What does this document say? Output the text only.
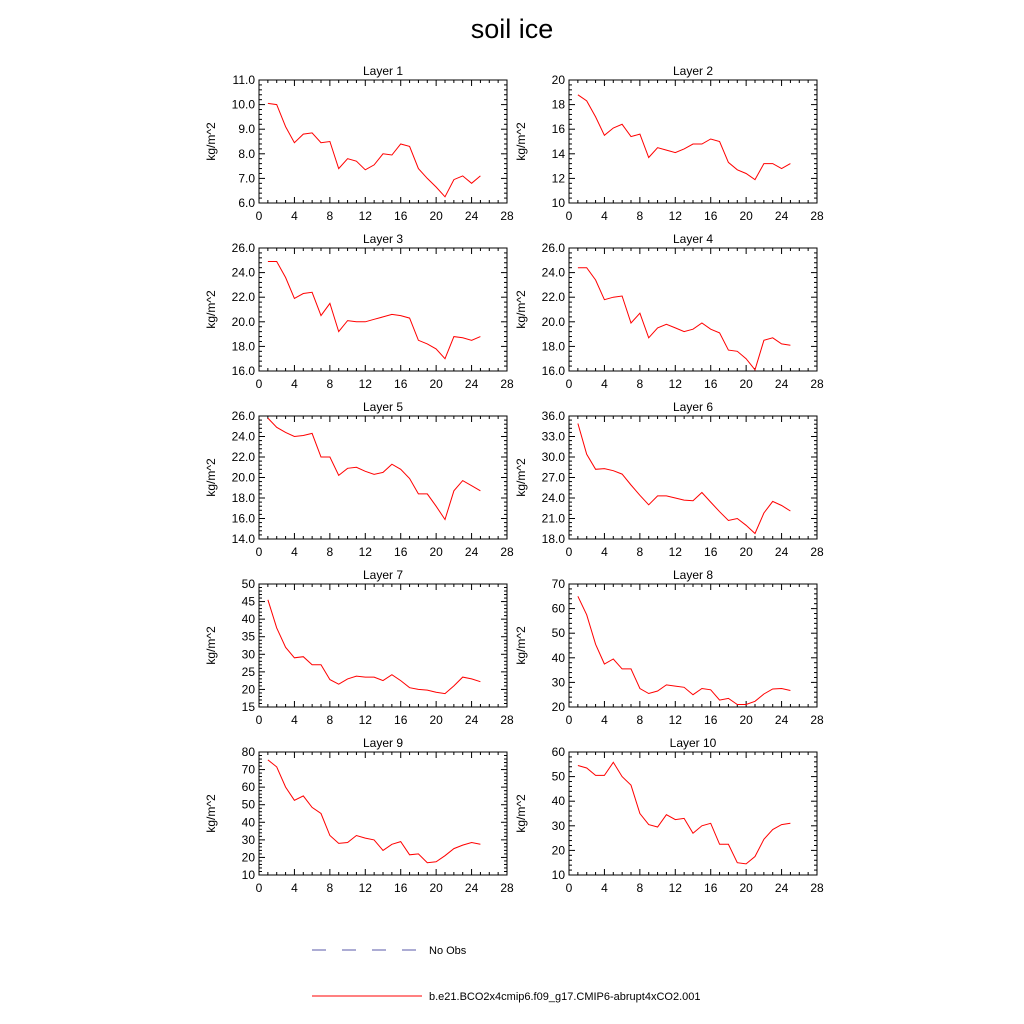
soil ice
Layer 1
kg/m^2
0 4 8 12 16 20 24 28
6.0
7.0
8.0
9.0
10.0
11.0
Layer 2
kg/m^2
0 4 8 12 16 20 24 28
10
12
14
16
18
20
Layer 3
kg/m^2
0 4 8 12 16 20 24 28
16.0
18.0
20.0
22.0
24.0
26.0
Layer 4
kg/m^2
0 4 8 12 16 20 24 28
16.0
18.0
20.0
22.0
24.0
26.0
Layer 5
kg/m^2
0 4 8 12 16 20 24 28
14.0
16.0
18.0
20.0
22.0
24.0
26.0
Layer 6
kg/m^2
0 4 8 12 16 20 24 28
18.0
21.0
24.0
27.0
30.0
33.0
36.0
Layer 7
kg/m^2
0 4 8 12 16 20 24 28
15
20
25
30
35
40
45
50
Layer 8
kg/m^2
0 4 8 12 16 20 24 28
20
30
40
50
60
70
Layer 9
kg/m^2
0 4 8 12 16 20 24 28
10
20
30
40
50
60
70
80
Layer 10
kg/m^2
0 4 8 12 16 20 24 28
10
20
30
40
50
60
No Obs
b.e21.BCO2x4cmip6.f09_g17.CMIP6-abrupt4xCO2.001
